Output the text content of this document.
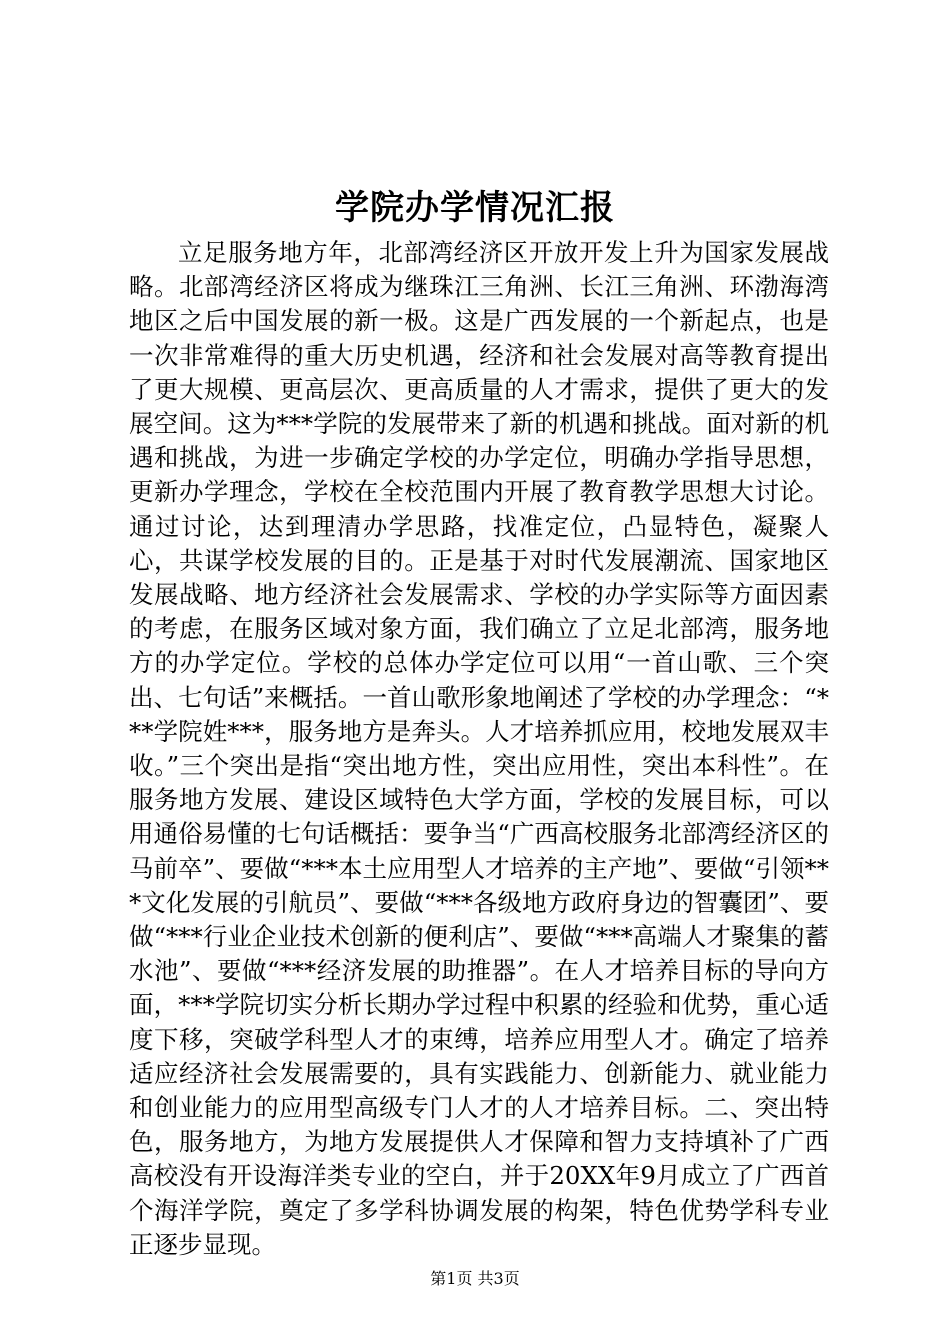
学院办学情况汇报

立足服务地方年，北部湾经济区开放开发上升为国家发展战略。北部湾经济区将成为继珠江三角洲、长江三角洲、环渤海湾地区之后中国发展的新一极。这是广西发展的一个新起点，也是一次非常难得的重大历史机遇，经济和社会发展对高等教育提出了更大规模、更高层次、更高质量的人才需求，提供了更大的发展空间。这为***学院的发展带来了新的机遇和挑战。面对新的机遇和挑战，为进一步确定学校的办学定位，明确办学指导思想，更新办学理念，学校在全校范围内开展了教育教学思想大讨论。通过讨论，达到理清办学思路，找准定位，凸显特色，凝聚人心，共谋学校发展的目的。正是基于对时代发展潮流、国家地区发展战略、地方经济社会发展需求、学校的办学实际等方面因素的考虑，在服务区域对象方面，我们确立了立足北部湾，服务地方的办学定位。学校的总体办学定位可以用“一首山歌、三个突出、七句话”来概括。一首山歌形象地阐述了学校的办学理念：“***学院姓***，服务地方是奔头。人才培养抓应用，校地发展双丰收。”三个突出是指“突出地方性，突出应用性，突出本科性”。在服务地方发展、建设区域特色大学方面，学校的发展目标，可以用通俗易懂的七句话概括：要争当“广西高校服务北部湾经济区的马前卒”、要做“***本土应用型人才培养的主产地”、要做“引领***文化发展的引航员”、要做“***各级地方政府身边的智囊团”、要做“***行业企业技术创新的便利店”、要做“***高端人才聚集的蓄水池”、要做“***经济发展的助推器”。在人才培养目标的导向方面，***学院切实分析长期办学过程中积累的经验和优势，重心适度下移，突破学科型人才的束缚，培养应用型人才。确定了培养适应经济社会发展需要的，具有实践能力、创新能力、就业能力和创业能力的应用型高级专门人才的人才培养目标。二、突出特色，服务地方，为地方发展提供人才保障和智力支持填补了广西高校没有开设海洋类专业的空白，并于20XX年9月成立了广西首个海洋学院，奠定了多学科协调发展的构架，特色优势学科专业正逐步显现。

第1页 共3页
